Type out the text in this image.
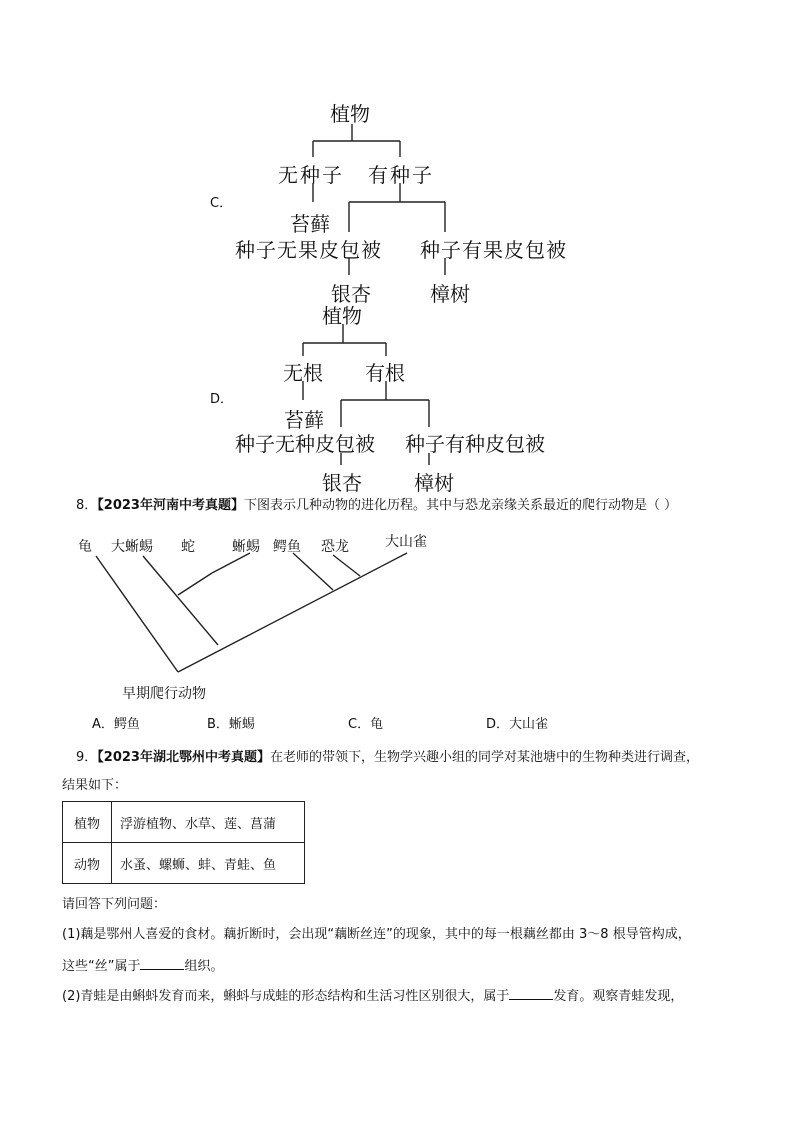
C．
植物
无种子 有种子
苔藓
种子无果皮包被 种子有果皮包被
银杏	樟树
D．
植物
无根 有根
苔藓
种子无种皮包被 种子有种皮包被
银杏	樟树
8．【2023年河南中考真题】下图表示几种动物的进化历程。其中与恐龙亲缘关系最近的爬行动物是（ ）
龟 大蜥蜴 蛇	蜥蜴 鳄鱼 恐龙	大山雀
早期爬行动物
A．鳄鱼	B．蜥蜴	C．龟	D．大山雀
9．【2023年湖北鄂州中考真题】在老师的带领下，生物学兴趣小组的同学对某池塘中的生物种类进行调查，
结果如下：
植物	浮游植物、水草、莲、菖蒲
动物	水蚤、螺蛳、蚌、青蛙、鱼
请回答下列问题：
(1)藕是鄂州人喜爱的食材。藕折断时，会出现“藕断丝连”的现象，其中的每一根藕丝都由 3～8 根导管构成，
这些“丝”属于	组织。
(2)青蛙是由蝌蚪发育而来，蝌蚪与成蛙的形态结构和生活习性区别很大，属于	发育。观察青蛙发现，
